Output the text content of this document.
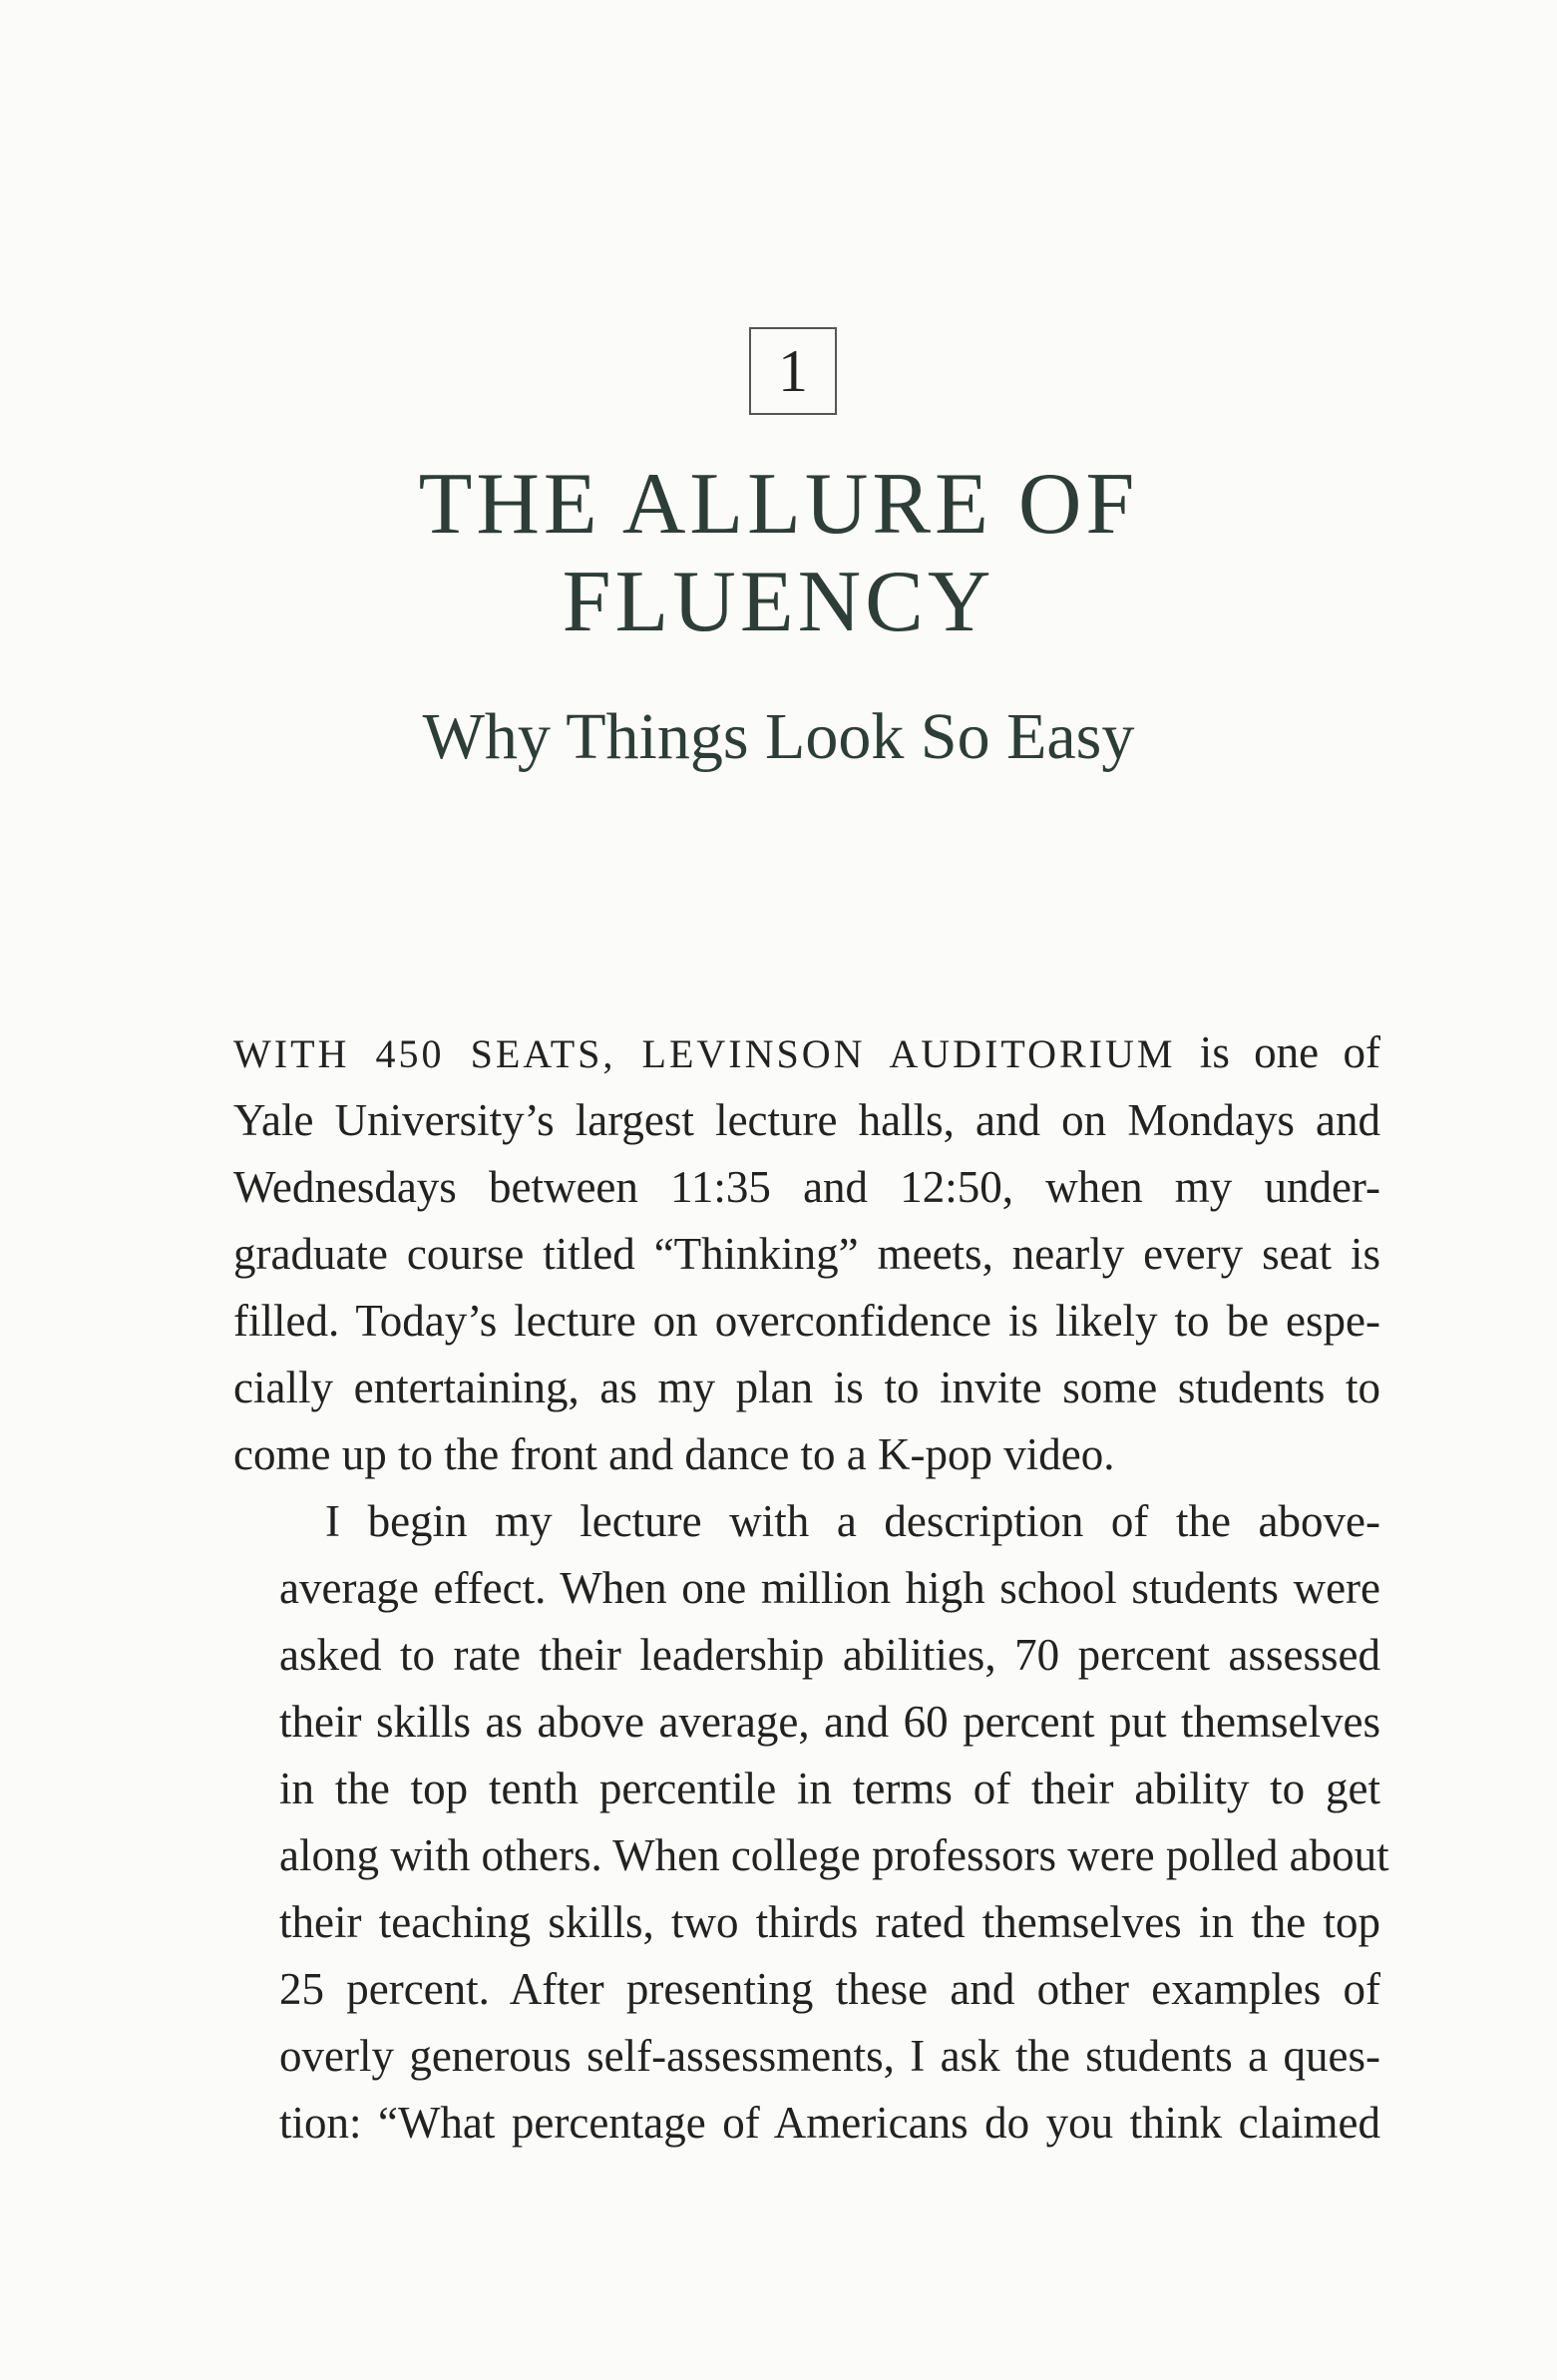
1
THE ALLURE OF
FLUENCY
Why Things Look So Easy

WITH 450 SEATS, LEVINSON AUDITORIUM is one of
Yale University’s largest lecture halls, and on Mondays and
Wednesdays between 11:35 and 12:50, when my under-
graduate course titled “Thinking” meets, nearly every seat is
filled. Today’s lecture on overconfidence is likely to be espe-
cially entertaining, as my plan is to invite some students to
come up to the front and dance to a K-pop video.

I begin my lecture with a description of the above-
average effect. When one million high school students were
asked to rate their leadership abilities, 70 percent assessed
their skills as above average, and 60 percent put themselves
in the top tenth percentile in terms of their ability to get
along with others. When college professors were polled about
their teaching skills, two thirds rated themselves in the top
25 percent. After presenting these and other examples of
overly generous self-assessments, I ask the students a ques-
tion: “What percentage of Americans do you think claimed
